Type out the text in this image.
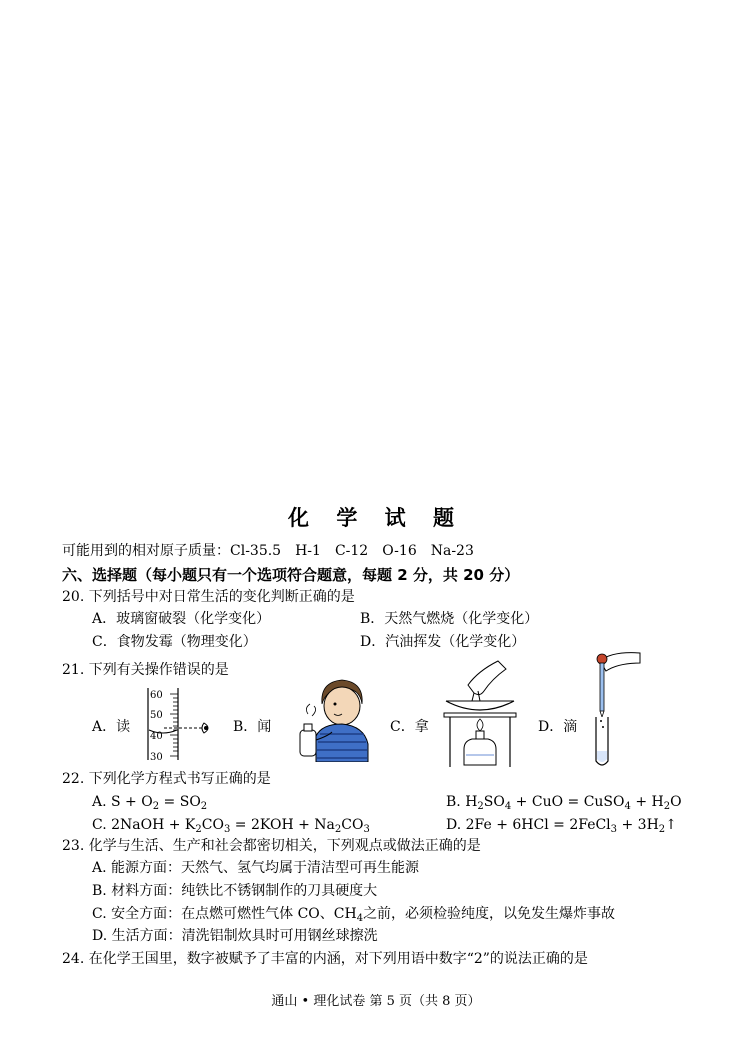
化 学 试 题
可能用到的相对原子质量：Cl-35.5　H-1　C-12　O-16　Na-23
六、选择题（每小题只有一个选项符合题意，每题 2 分，共 20 分）
20. 下列括号中对日常生活的变化判断正确的是
A．玻璃窗破裂（化学变化）	B．天然气燃烧（化学变化）
C．食物发霉（物理变化）	D．汽油挥发（化学变化）
21. 下列有关操作错误的是
A．读	B．闻	C．拿	D．滴
60
50
40
30
22. 下列化学方程式书写正确的是
A. $S + O_2 = SO_2$	B. $H_2SO_4$ + CuO = CuSO$_4$ + $H_2O$
C. 2NaOH + $K_2CO_3 = 2KOH + Na_2CO_3$	D. 2Fe + 6HCl = 2FeCl$_3$ + $3H_2↑$
23. 化学与生活、生产和社会都密切相关，下列观点或做法正确的是
A. 能源方面：天然气、氢气均属于清洁型可再生能源
B. 材料方面：纯铁比不锈钢制作的刀具硬度大
C. 安全方面：在点燃可燃性气体 CO、$CH_4$之前，必须检验纯度，以免发生爆炸事故
D. 生活方面：清洗铝制炊具时可用钢丝球擦洗
24. 在化学王国里，数字被赋予了丰富的内涵，对下列用语中数字“2”的说法正确的是
通山 • 理化试卷 第 5 页（共 8 页）
